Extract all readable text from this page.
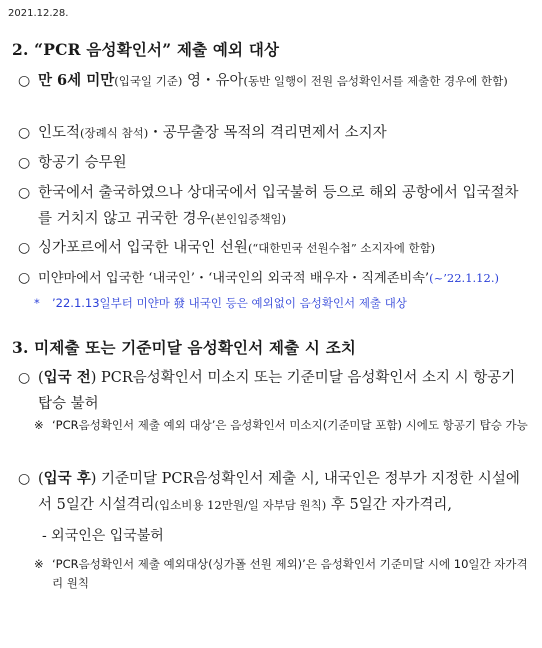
2021.12.28.
2. “PCR 음성확인서” 제출 예외 대상
○ 만 6세 미만(입국일 기준) 영・유아(동반 일행이 전원 음성확인서를 제출한 경우에 한함)
○ 인도적(장례식 참석)・공무출장 목적의 격리면제서 소지자
○ 항공기 승무원
○ 한국에서 출국하였으나 상대국에서 입국불허 등으로 해외 공항에서 입국절차를 거치지 않고 귀국한 경우(본인입증책임)
○ 싱가포르에서 입국한 내국인 선원(“대한민국 선원수첩” 소지자에 한함)
○ 미얀마에서 입국한 ‘내국인’・‘내국인의 외국적 배우자・직계존비속’(~’22.1.12.)
* ’22.1.13일부터 미얀마 發 내국인 등은 예외없이 음성확인서 제출 대상
3. 미제출 또는 기준미달 음성확인서 제출 시 조치
○ (입국 전) PCR음성확인서 미소지 또는 기준미달 음성확인서 소지 시 항공기 탑승 불허
※ ‘PCR음성확인서 제출 예외 대상’은 음성확인서 미소지(기준미달 포함) 시에도 항공기 탑승 가능
○ (입국 후) 기준미달 PCR음성확인서 제출 시, 내국인은 정부가 지정한 시설에서 5일간 시설격리(입소비용 12만원/일 자부담 원칙) 후 5일간 자가격리,
- 외국인은 입국불허
※ ‘PCR음성확인서 제출 예외대상(싱가폴 선원 제외)’은 음성확인서 기준미달 시에 10일간 자가격리 원칙
